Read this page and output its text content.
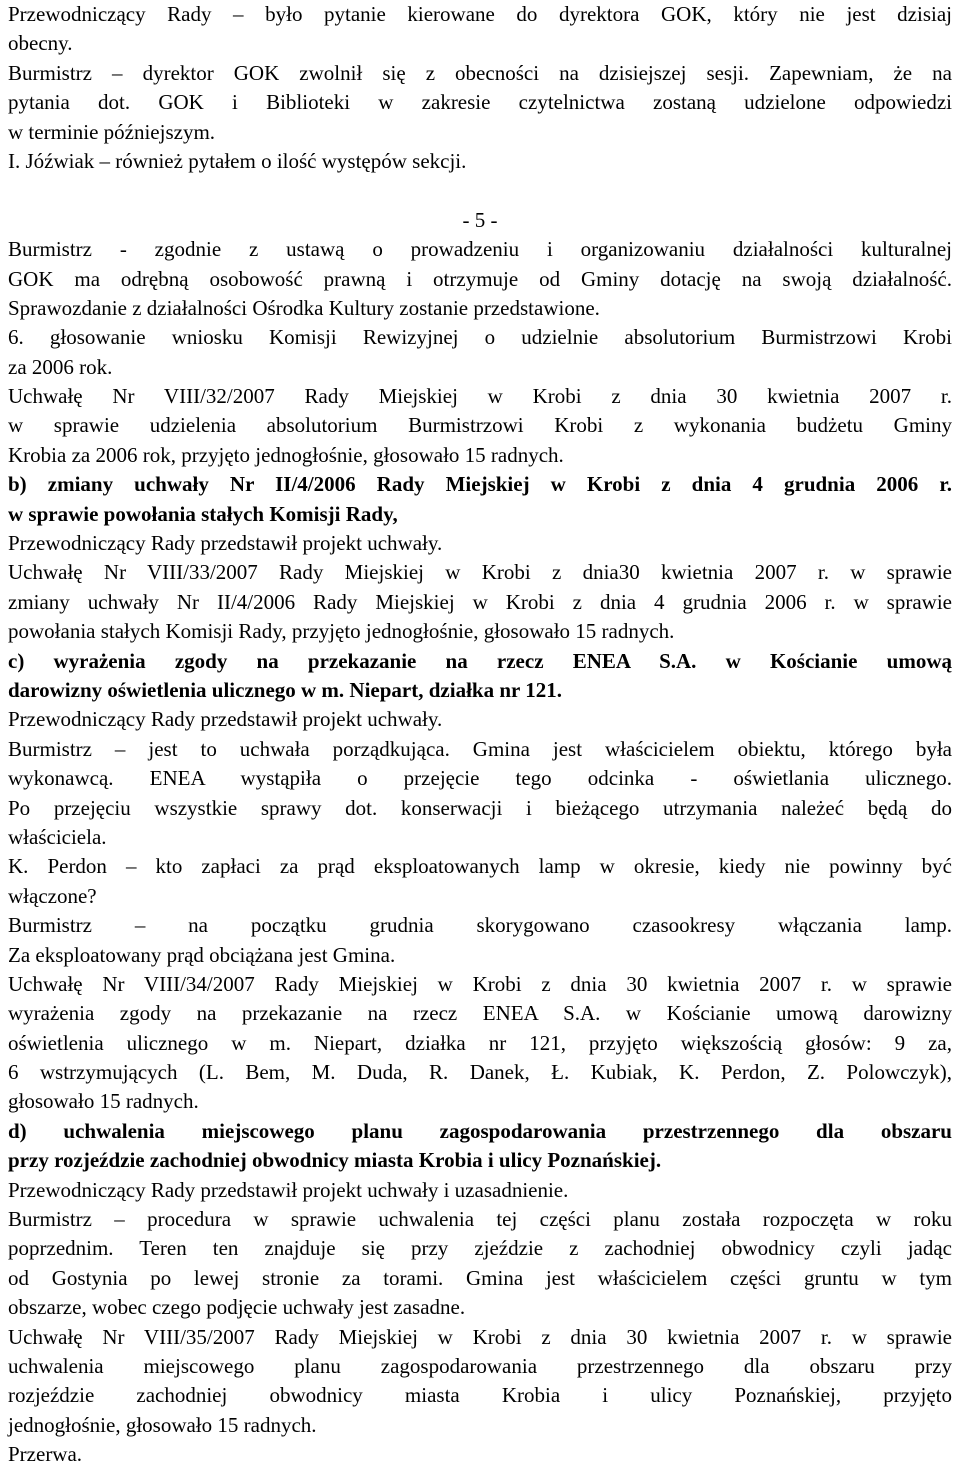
Przewodniczący Rady – było pytanie kierowane do dyrektora GOK, który nie jest dzisiaj
obecny.
Burmistrz – dyrektor GOK zwolnił się z obecności na dzisiejszej sesji. Zapewniam, że na
pytania dot. GOK i Biblioteki w zakresie czytelnictwa zostaną udzielone odpowiedzi
w terminie późniejszym.
I. Jóźwiak – również pytałem o ilość występów sekcji.
- 5 -
Burmistrz - zgodnie z ustawą o prowadzeniu i organizowaniu działalności kulturalnej
GOK ma odrębną osobowość prawną i otrzymuje od Gminy dotację na swoją działalność.
Sprawozdanie z działalności Ośrodka Kultury zostanie przedstawione.
6. głosowanie wniosku Komisji Rewizyjnej o udzielnie absolutorium Burmistrzowi Krobi
za 2006 rok.
Uchwałę Nr VIII/32/2007 Rady Miejskiej w Krobi z dnia 30 kwietnia 2007 r.
w sprawie udzielenia absolutorium Burmistrzowi Krobi z wykonania budżetu Gminy
Krobia za 2006 rok, przyjęto jednogłośnie, głosowało 15 radnych.
b) zmiany uchwały Nr II/4/2006 Rady Miejskiej w Krobi z dnia 4 grudnia 2006 r.
w sprawie powołania stałych Komisji Rady,
Przewodniczący Rady przedstawił projekt uchwały.
Uchwałę Nr VIII/33/2007 Rady Miejskiej w Krobi z dnia30 kwietnia 2007 r. w sprawie
zmiany uchwały Nr II/4/2006 Rady Miejskiej w Krobi z dnia 4 grudnia 2006 r. w sprawie
powołania stałych Komisji Rady, przyjęto jednogłośnie, głosowało 15 radnych.
c) wyrażenia zgody na przekazanie na rzecz ENEA S.A. w Kościanie umową
darowizny oświetlenia ulicznego w m. Niepart, działka nr 121.
Przewodniczący Rady przedstawił projekt uchwały.
Burmistrz – jest to uchwała porządkująca. Gmina jest właścicielem obiektu, którego była
wykonawcą. ENEA wystąpiła o przejęcie tego odcinka - oświetlania ulicznego.
Po przejęciu wszystkie sprawy dot. konserwacji i bieżącego utrzymania należeć będą do
właściciela.
K. Perdon – kto zapłaci za prąd eksploatowanych lamp w okresie, kiedy nie powinny być
włączone?
Burmistrz – na początku grudnia skorygowano czasookresy włączania lamp.
Za eksploatowany prąd obciążana jest Gmina.
Uchwałę Nr VIII/34/2007 Rady Miejskiej w Krobi z dnia 30 kwietnia 2007 r. w sprawie
wyrażenia zgody na przekazanie na rzecz ENEA S.A. w Kościanie umową darowizny
oświetlenia ulicznego w m. Niepart, działka nr 121, przyjęto większością głosów: 9 za,
6 wstrzymujących (L. Bem, M. Duda, R. Danek, Ł. Kubiak, K. Perdon, Z. Polowczyk),
głosowało 15 radnych.
d) uchwalenia miejscowego planu zagospodarowania przestrzennego dla obszaru
przy rozjeździe zachodniej obwodnicy miasta Krobia i ulicy Poznańskiej.
Przewodniczący Rady przedstawił projekt uchwały i uzasadnienie.
Burmistrz – procedura w sprawie uchwalenia tej części planu została rozpoczęta w roku
poprzednim. Teren ten znajduje się przy zjeździe z zachodniej obwodnicy czyli jadąc
od Gostynia po lewej stronie za torami. Gmina jest właścicielem części gruntu w tym
obszarze, wobec czego podjęcie uchwały jest zasadne.
Uchwałę Nr VIII/35/2007 Rady Miejskiej w Krobi z dnia 30 kwietnia 2007 r. w sprawie
uchwalenia miejscowego planu zagospodarowania przestrzennego dla obszaru przy
rozjeździe zachodniej obwodnicy miasta Krobia i ulicy Poznańskiej, przyjęto
jednogłośnie, głosowało 15 radnych.
Przerwa.
